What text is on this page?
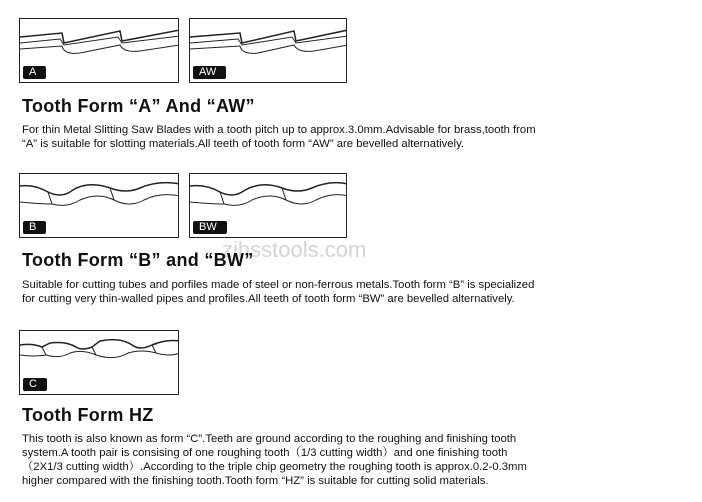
A	AW
Tooth Form “A” And “AW”

For thin Metal Slitting Saw Blades with a tooth pitch up to approx.3.0mm.Advisable for brass,tooth from

“A” is suitable for slotting materials.All teeth of tooth form “AW” are bevelled alternatively.

B	BW
zjhsstools.com
Tooth Form “B” and “BW”

Suitable for cutting tubes and porfiles made of steel or non-ferrous metals.Tooth form “B” is specialized

for cutting very thin-walled pipes and profiles.All teeth of tooth form “BW” are bevelled alternatively.

C
Tooth Form HZ

This tooth is also known as form “C”.Teeth are ground according to the roughing and finishing tooth

system.A tooth pair is consising of one roughing tooth（1/3 cutting width）and one finishing tooth

（2X1/3 cutting width）.According to the triple chip geometry the roughing tooth is approx.0.2-0.3mm

higher compared with the finishing tooth.Tooth form “HZ” is suitable for cutting solid materials.
